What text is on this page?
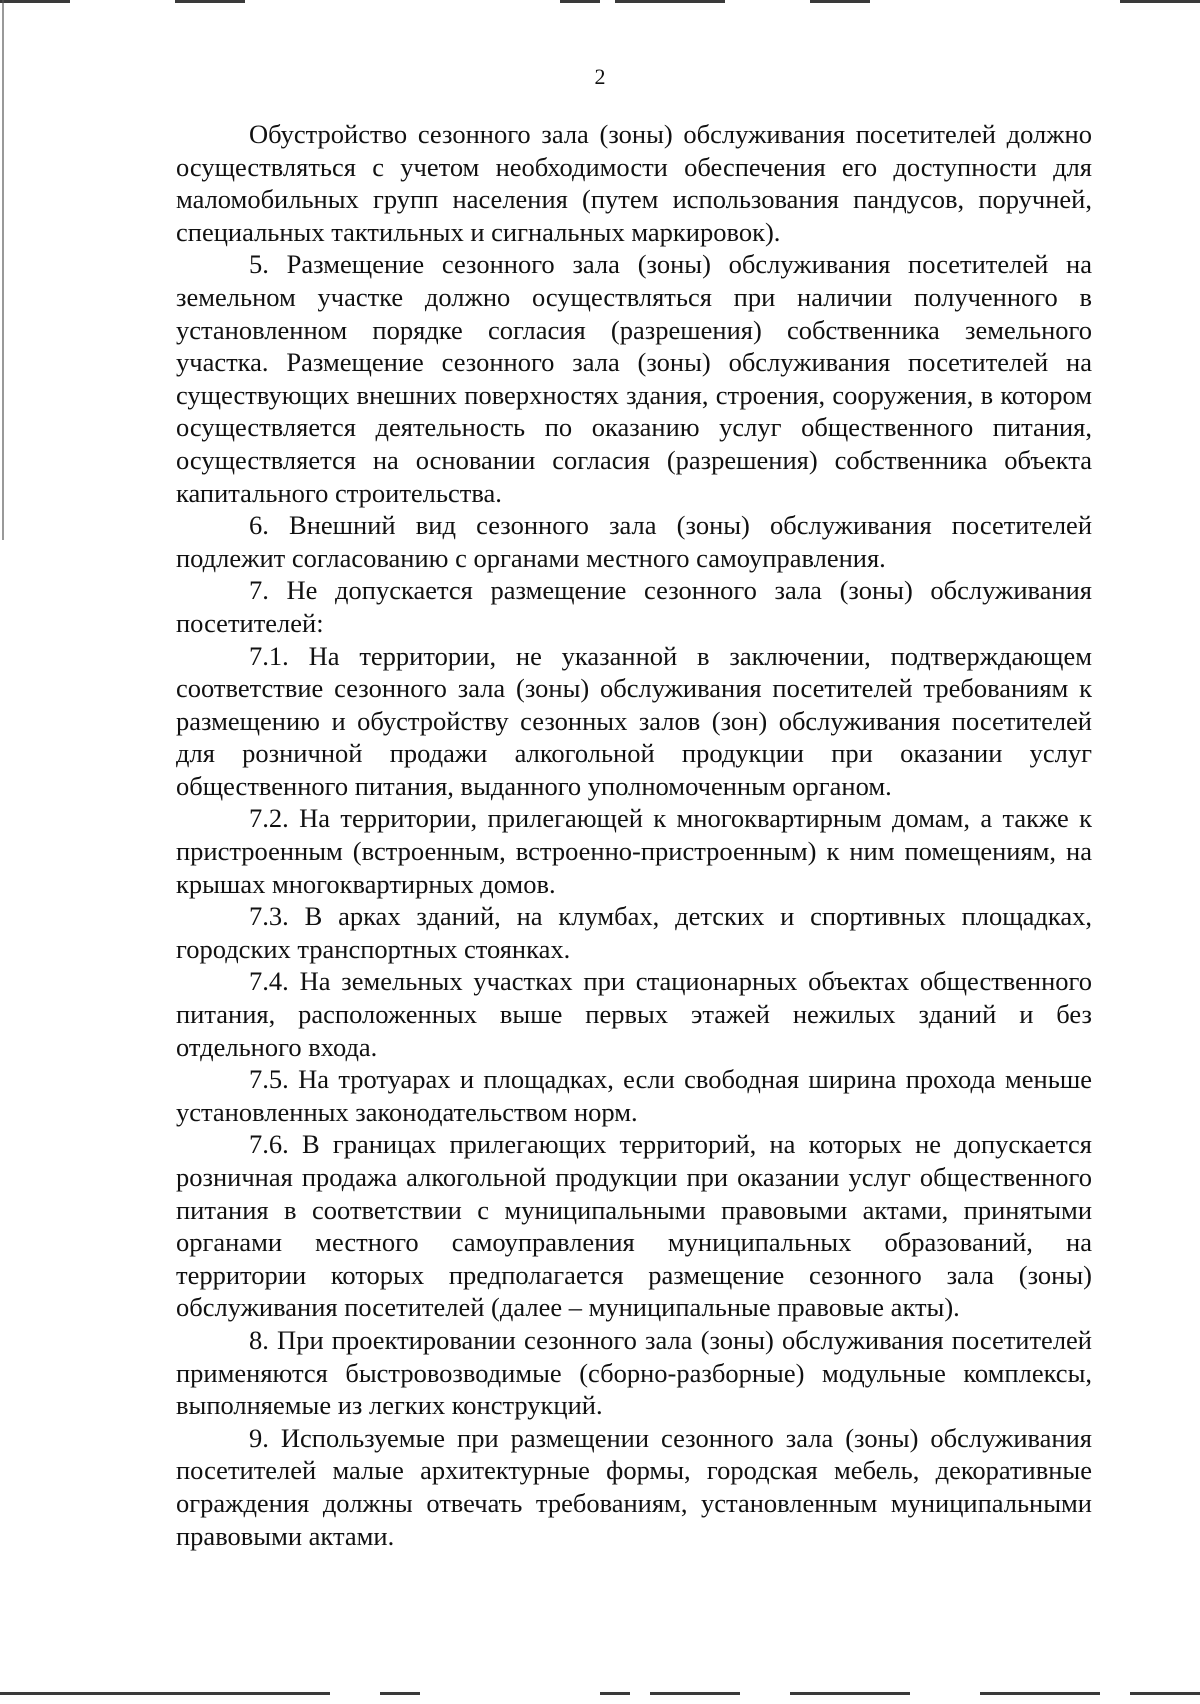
2

Обустройство сезонного зала (зоны) обслуживания посетителей должно осуществляться с учетом необходимости обеспечения его доступности для маломобильных групп населения (путем использования пандусов, поручней, специальных тактильных и сигнальных маркировок).

5. Размещение сезонного зала (зоны) обслуживания посетителей на земельном участке должно осуществляться при наличии полученного в установленном порядке согласия (разрешения) собственника земельного участка. Размещение сезонного зала (зоны) обслуживания посетителей на существующих внешних поверхностях здания, строения, сооружения, в котором осуществляется деятельность по оказанию услуг общественного питания, осуществляется на основании согласия (разрешения) собственника объекта капитального строительства.

6. Внешний вид сезонного зала (зоны) обслуживания посетителей подлежит согласованию с органами местного самоуправления.

7. Не допускается размещение сезонного зала (зоны) обслуживания посетителей:

7.1. На территории, не указанной в заключении, подтверждающем соответствие сезонного зала (зоны) обслуживания посетителей требованиям к размещению и обустройству сезонных залов (зон) обслуживания посетителей для розничной продажи алкогольной продукции при оказании услуг общественного питания, выданного уполномоченным органом.

7.2. На территории, прилегающей к многоквартирным домам, а также к пристроенным (встроенным, встроенно-пристроенным) к ним помещениям, на крышах многоквартирных домов.

7.3. В арках зданий, на клумбах, детских и спортивных площадках, городских транспортных стоянках.

7.4. На земельных участках при стационарных объектах общественного питания, расположенных выше первых этажей нежилых зданий и без отдельного входа.

7.5. На тротуарах и площадках, если свободная ширина прохода меньше установленных законодательством норм.

7.6. В границах прилегающих территорий, на которых не допускается розничная продажа алкогольной продукции при оказании услуг общественного питания в соответствии с муниципальными правовыми актами, принятыми органами местного самоуправления муниципальных образований, на территории которых предполагается размещение сезонного зала (зоны) обслуживания посетителей (далее – муниципальные правовые акты).

8. При проектировании сезонного зала (зоны) обслуживания посетителей применяются быстровозводимые (сборно-разборные) модульные комплексы, выполняемые из легких конструкций.

9. Используемые при размещении сезонного зала (зоны) обслуживания посетителей малые архитектурные формы, городская мебель, декоративные ограждения должны отвечать требованиям, установленным муниципальными правовыми актами.
